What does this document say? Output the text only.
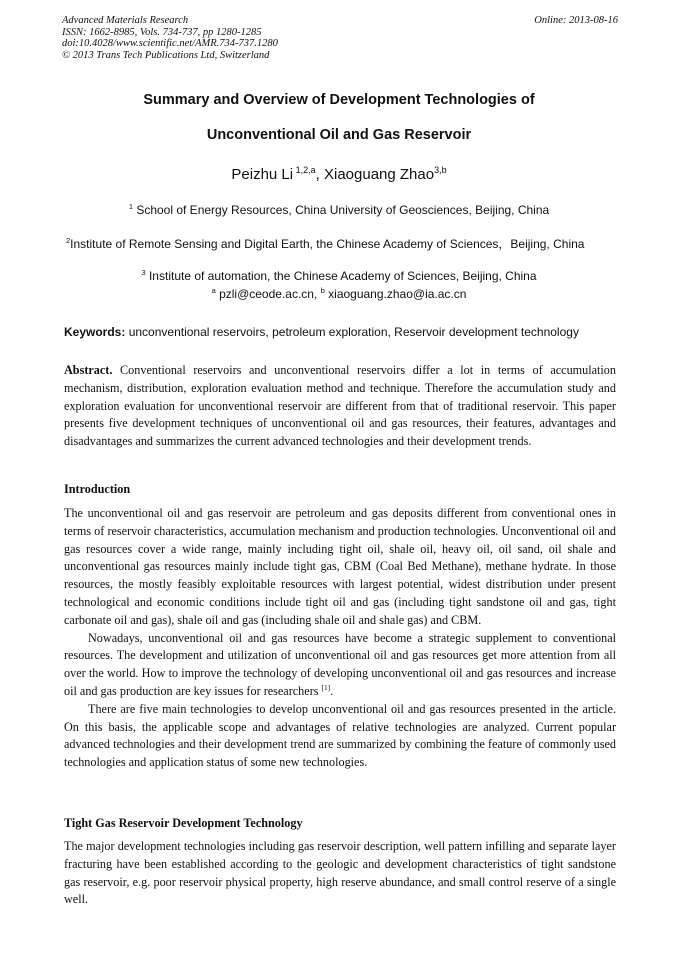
Advanced Materials Research
ISSN: 1662-8985, Vols. 734-737, pp 1280-1285
doi:10.4028/www.scientific.net/AMR.734-737.1280
© 2013 Trans Tech Publications Ltd, Switzerland
Online: 2013-08-16
Summary and Overview of Development Technologies of
Unconventional Oil and Gas Reservoir
Peizhu Li $^{1,2,a}$, Xiaoguang Zhao$^{3,b}$
$^1$ School of Energy Resources, China University of Geosciences, Beijing, China
$^2$Institute of Remote Sensing and Digital Earth, the Chinese Academy of Sciences，Beijing, China
$^3$ Institute of automation, the Chinese Academy of Sciences, Beijing, China
$^a$ pzli@ceode.ac.cn, $^b$ xiaoguang.zhao@ia.ac.cn
Keywords: unconventional reservoirs, petroleum exploration, Reservoir development technology

Abstract. Conventional reservoirs and unconventional reservoirs differ a lot in terms of accumulation mechanism, distribution, exploration evaluation method and technique. Therefore the accumulation study and exploration evaluation for unconventional reservoir are different from that of traditional reservoir. This paper presents five development techniques of unconventional oil and gas resources, their features, advantages and disadvantages and summarizes the current advanced technologies and their development trends.

Introduction

The unconventional oil and gas reservoir are petroleum and gas deposits different from conventional ones in terms of reservoir characteristics, accumulation mechanism and production technologies. Unconventional oil and gas resources cover a wide range, mainly including tight oil, shale oil, heavy oil, oil sand, oil shale and unconventional gas resources mainly include tight gas, CBM (Coal Bed Methane), methane hydrate. In those resources, the mostly feasibly exploitable resources with largest potential, widest distribution under present technological and economic conditions include tight oil and gas (including tight sandstone oil and gas, tight carbonate oil and gas), shale oil and gas (including shale oil and shale gas) and CBM.

Nowadays, unconventional oil and gas resources have become a strategic supplement to conventional resources. The development and utilization of unconventional oil and gas resources get more attention from all over the world. How to improve the technology of developing unconventional oil and gas resources and increase oil and gas production are key issues for researchers [1].

There are five main technologies to develop unconventional oil and gas resources presented in the article. On this basis, the applicable scope and advantages of relative technologies are analyzed. Current popular advanced technologies and their development trend are summarized by combining the feature of commonly used technologies and application status of some new technologies.

Tight Gas Reservoir Development Technology

The major development technologies including gas reservoir description, well pattern infilling and separate layer fracturing have been established according to the geologic and development characteristics of tight sandstone gas reservoir, e.g. poor reservoir physical property, high reserve abundance, and small control reserve of a single well.
